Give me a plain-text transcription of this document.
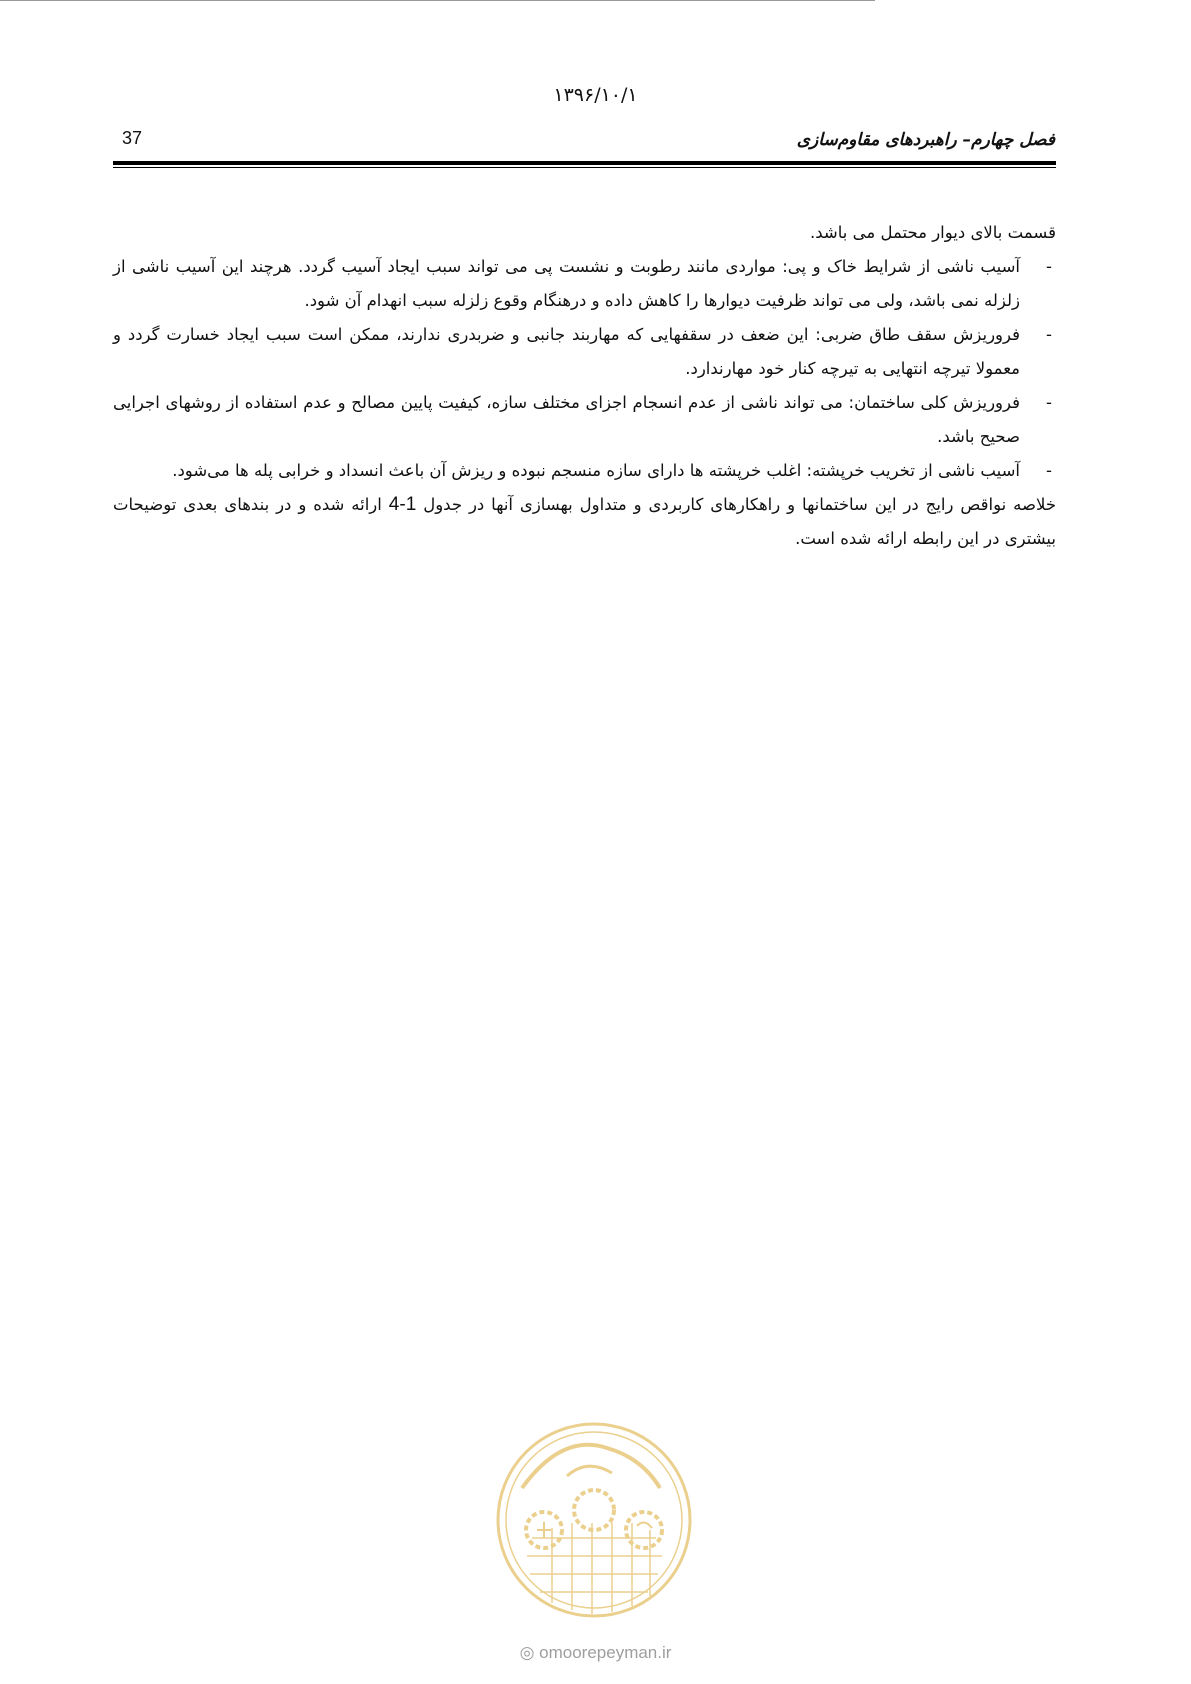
۱۳۹۶/۱۰/۱
37	فصل چهارم– راهبردهای مقاوم‌سازی

قسمت بالای دیوار محتمل می باشد.

-

آسیب ناشی از شرایط خاک و پی: مواردی مانند رطوبت و نشست پی می تواند سبب ایجاد آسیب گردد. هرچند این آسیب ناشی از زلزله نمی باشد، ولی می تواند ظرفیت دیوارها را کاهش داده و درهنگام وقوع زلزله سبب انهدام آن شود.

-

فروریزش سقف طاق ضربی: این ضعف در سقفهایی که مهاربند جانبی و ضربدری ندارند، ممکن است سبب ایجاد خسارت گردد و معمولا تیرچه انتهایی به تیرچه کنار خود مهارندارد.

-

فروریزش کلی ساختمان: می تواند ناشی از عدم انسجام اجزای مختلف سازه، کیفیت پایین مصالح و عدم استفاده از روشهای اجرایی صحیح باشد.

-

آسیب ناشی از تخریب خرپشته: اغلب خرپشته ها دارای سازه منسجم نبوده و ریزش آن باعث انسداد و خرابی پله ها می‌شود.

خلاصه نواقص رایج در این ساختمانها و راهکارهای کاربردی و متداول بهسازی آنها در جدول 4-1 ارائه شده و در بندهای بعدی توضیحات بیشتری در این رابطه ارائه شده است.

◎ omoorepeyman.ir
